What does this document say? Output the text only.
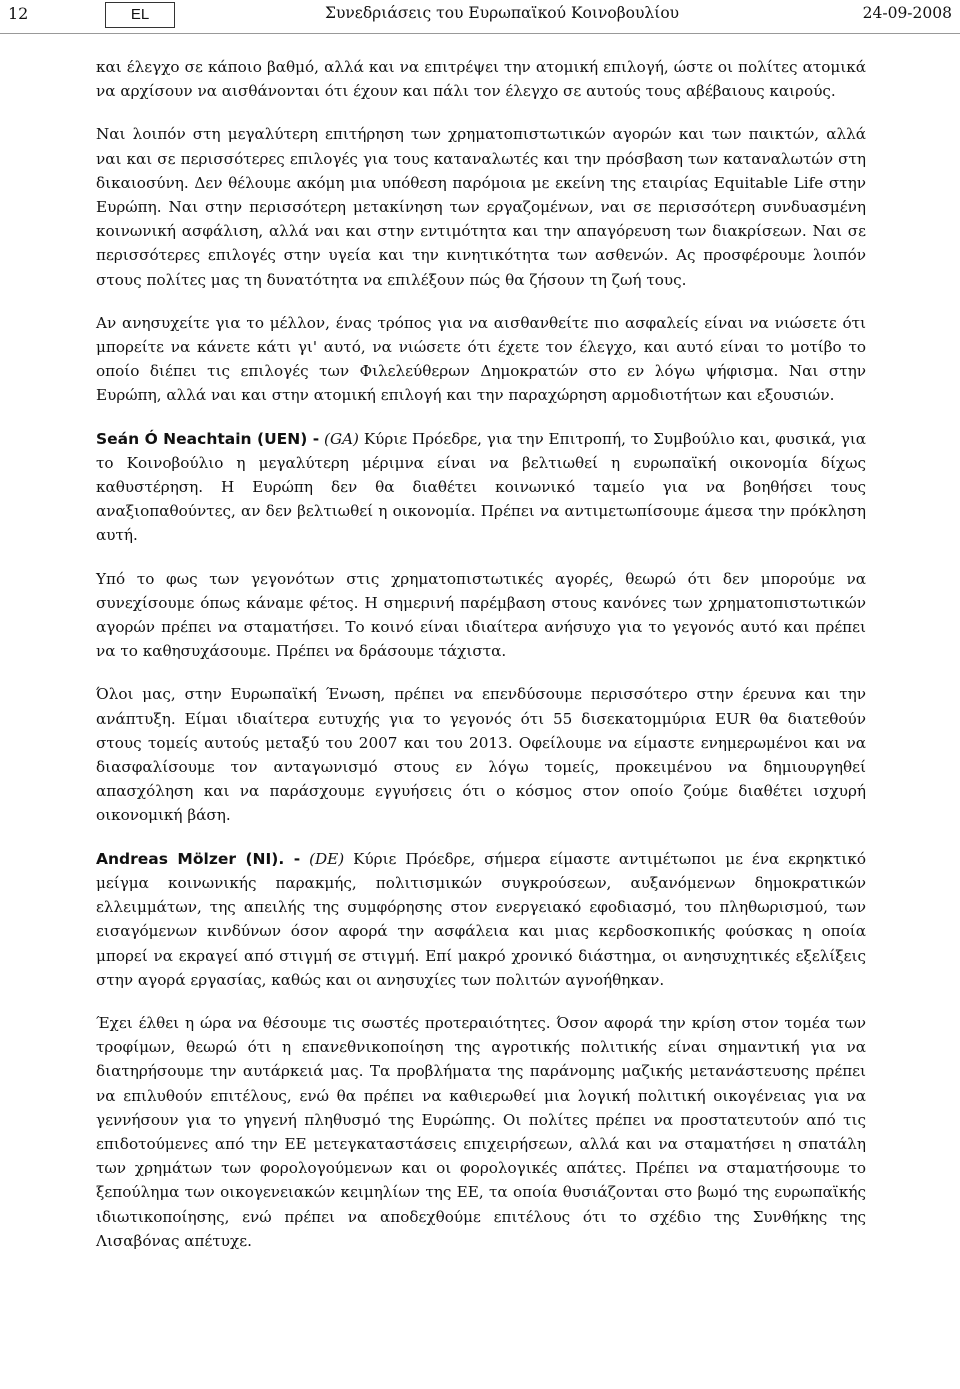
12	EL	Συνεδριάσεις του Ευρωπαϊκού Κοινοβουλίου	24-09-2008

και έλεγχο σε κάποιο βαθμό, αλλά και να επιτρέψει την ατομική επιλογή, ώστε οι πολίτες ατομικά να αρχίσουν να αισθάνονται ότι έχουν και πάλι τον έλεγχο σε αυτούς τους αβέβαιους καιρούς.

Ναι λοιπόν στη μεγαλύτερη επιτήρηση των χρηματοπιστωτικών αγορών και των παικτών, αλλά ναι και σε περισσότερες επιλογές για τους καταναλωτές και την πρόσβαση των καταναλωτών στη δικαιοσύνη. Δεν θέλουμε ακόμη μια υπόθεση παρόμοια με εκείνη της εταιρίας Equitable Life στην Ευρώπη. Ναι στην περισσότερη μετακίνηση των εργαζομένων, ναι σε περισσότερη συνδυασμένη κοινωνική ασφάλιση, αλλά ναι και στην εντιμότητα και την απαγόρευση των διακρίσεων. Ναι σε περισσότερες επιλογές στην υγεία και την κινητικότητα των ασθενών. Ας προσφέρουμε λοιπόν στους πολίτες μας τη δυνατότητα να επιλέξουν πώς θα ζήσουν τη ζωή τους.

Αν ανησυχείτε για το μέλλον, ένας τρόπος για να αισθανθείτε πιο ασφαλείς είναι να νιώσετε ότι μπορείτε να κάνετε κάτι γι' αυτό, να νιώσετε ότι έχετε τον έλεγχο, και αυτό είναι το μοτίβο το οποίο διέπει τις επιλογές των Φιλελεύθερων Δημοκρατών στο εν λόγω ψήφισμα. Ναι στην Ευρώπη, αλλά ναι και στην ατομική επιλογή και την παραχώρηση αρμοδιοτήτων και εξουσιών.

Seán Ó Neachtain (UEN) - (GA) Κύριε Πρόεδρε, για την Επιτροπή, το Συμβούλιο και, φυσικά, για το Κοινοβούλιο η μεγαλύτερη μέριμνα είναι να βελτιωθεί η ευρωπαϊκή οικονομία δίχως καθυστέρηση. Η Ευρώπη δεν θα διαθέτει κοινωνικό ταμείο για να βοηθήσει τους αναξιοπαθούντες, αν δεν βελτιωθεί η οικονομία. Πρέπει να αντιμετωπίσουμε άμεσα την πρόκληση αυτή.

Υπό το φως των γεγονότων στις χρηματοπιστωτικές αγορές, θεωρώ ότι δεν μπορούμε να συνεχίσουμε όπως κάναμε φέτος. Η σημερινή παρέμβαση στους κανόνες των χρηματοπιστωτικών αγορών πρέπει να σταματήσει. Το κοινό είναι ιδιαίτερα ανήσυχο για το γεγονός αυτό και πρέπει να το καθησυχάσουμε. Πρέπει να δράσουμε τάχιστα.

Όλοι μας, στην Ευρωπαϊκή Ένωση, πρέπει να επενδύσουμε περισσότερο στην έρευνα και την ανάπτυξη. Είμαι ιδιαίτερα ευτυχής για το γεγονός ότι 55 δισεκατομμύρια EUR θα διατεθούν στους τομείς αυτούς μεταξύ του 2007 και του 2013. Οφείλουμε να είμαστε ενημερωμένοι και να διασφαλίσουμε τον ανταγωνισμό στους εν λόγω τομείς, προκειμένου να δημιουργηθεί απασχόληση και να παράσχουμε εγγυήσεις ότι ο κόσμος στον οποίο ζούμε διαθέτει ισχυρή οικονομική βάση.

Andreas Mölzer (NI). - (DE) Κύριε Πρόεδρε, σήμερα είμαστε αντιμέτωποι με ένα εκρηκτικό μείγμα κοινωνικής παρακμής, πολιτισμικών συγκρούσεων, αυξανόμενων δημοκρατικών ελλειμμάτων, της απειλής της συμφόρησης στον ενεργειακό εφοδιασμό, του πληθωρισμού, των εισαγόμενων κινδύνων όσον αφορά την ασφάλεια και μιας κερδοσκοπικής φούσκας η οποία μπορεί να εκραγεί από στιγμή σε στιγμή. Επί μακρό χρονικό διάστημα, οι ανησυχητικές εξελίξεις στην αγορά εργασίας, καθώς και οι ανησυχίες των πολιτών αγνοήθηκαν.

Έχει έλθει η ώρα να θέσουμε τις σωστές προτεραιότητες. Όσον αφορά την κρίση στον τομέα των τροφίμων, θεωρώ ότι η επανεθνικοποίηση της αγροτικής πολιτικής είναι σημαντική για να διατηρήσουμε την αυτάρκειά μας. Τα προβλήματα της παράνομης μαζικής μετανάστευσης πρέπει να επιλυθούν επιτέλους, ενώ θα πρέπει να καθιερωθεί μια λογική πολιτική οικογένειας για να γεννήσουν για το γηγενή πληθυσμό της Ευρώπης. Οι πολίτες πρέπει να προστατευτούν από τις επιδοτούμενες από την ΕΕ μετεγκαταστάσεις επιχειρήσεων, αλλά και να σταματήσει η σπατάλη των χρημάτων των φορολογούμενων και οι φορολογικές απάτες. Πρέπει να σταματήσουμε το ξεπούλημα των οικογενειακών κειμηλίων της ΕΕ, τα οποία θυσιάζονται στο βωμό της ευρωπαϊκής ιδιωτικοποίησης, ενώ πρέπει να αποδεχθούμε επιτέλους ότι το σχέδιο της Συνθήκης της Λισαβόνας απέτυχε.
